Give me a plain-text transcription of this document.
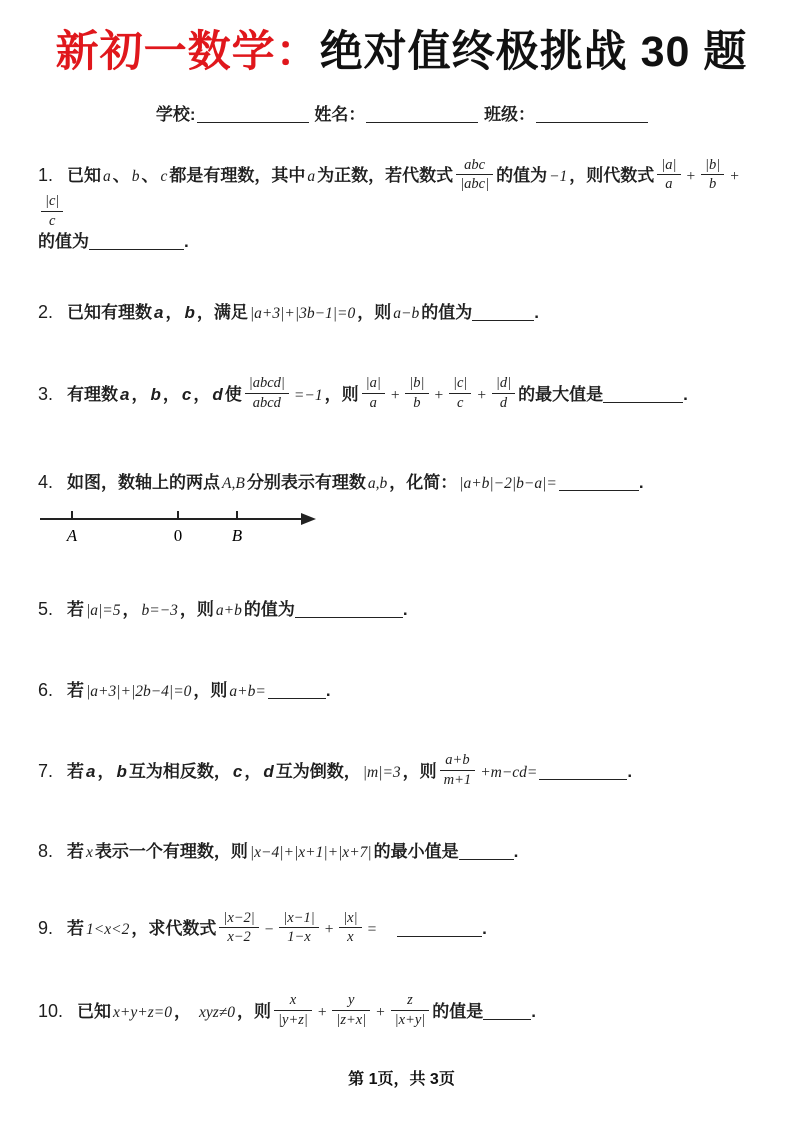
新初一数学：绝对值终极挑战 30 题
学校:	姓名：	班级：
1. 已知 a 、 b 、 c 都是有理数，其中 a 为正数，若代数式 $\frac{\text{abc}}{\text{|abc|}}$ 的值为 −1 ，则代数式 $\frac{|a|}{a} + \frac{|b|}{b}$ +
$\frac{|c|}{c}$

的值为	.
2. 已知有理数 a ， b ，满足 |a+3|+|3b−1|=0 ，则 a−b 的值为	.
3. 有理数 a ， b ， c ， d 使 $\frac{\text{|abcd|}}{\text{abcd}} =-1$ ，则 $\frac{|a|}{a} + \frac{|b|}{b} + \frac{|c|}{c} + \frac{|d|}{d}$ 的最大值是	.
4. 如图，数轴上的两点 A,B 分别表示有理数 a,b ，化简： |a+b|−2|b−a|=	.
A	0	B
5. 若 |a|=5 ， b=−3 ，则 a+b 的值为	.
6. 若 |a+3|+|2b−4|=0 ，则 a+b=	.
7. 若 a ， b 互为相反数， c ， d 互为倒数， |m|=3 ，则 $\frac{a+b}{m+1} +m-cd=$	.
8. 若 x 表示一个有理数，则 |x−4|+|x+1|+|x+7| 的最小值是	.
9. 若 1<x<2 ，求代数式 $\frac{|x-2|}{x-2} - \frac{|x-1|}{1-x} + \frac{|x|}{x}$ =	.
10. 已知 x+y+z=0 ， xyz≠0 ，则 $\frac{x}{|y+z|} + \frac{y}{|z+x|} + \frac{z}{|x+y|}$ 的值是	.
第 1页，共 3页
